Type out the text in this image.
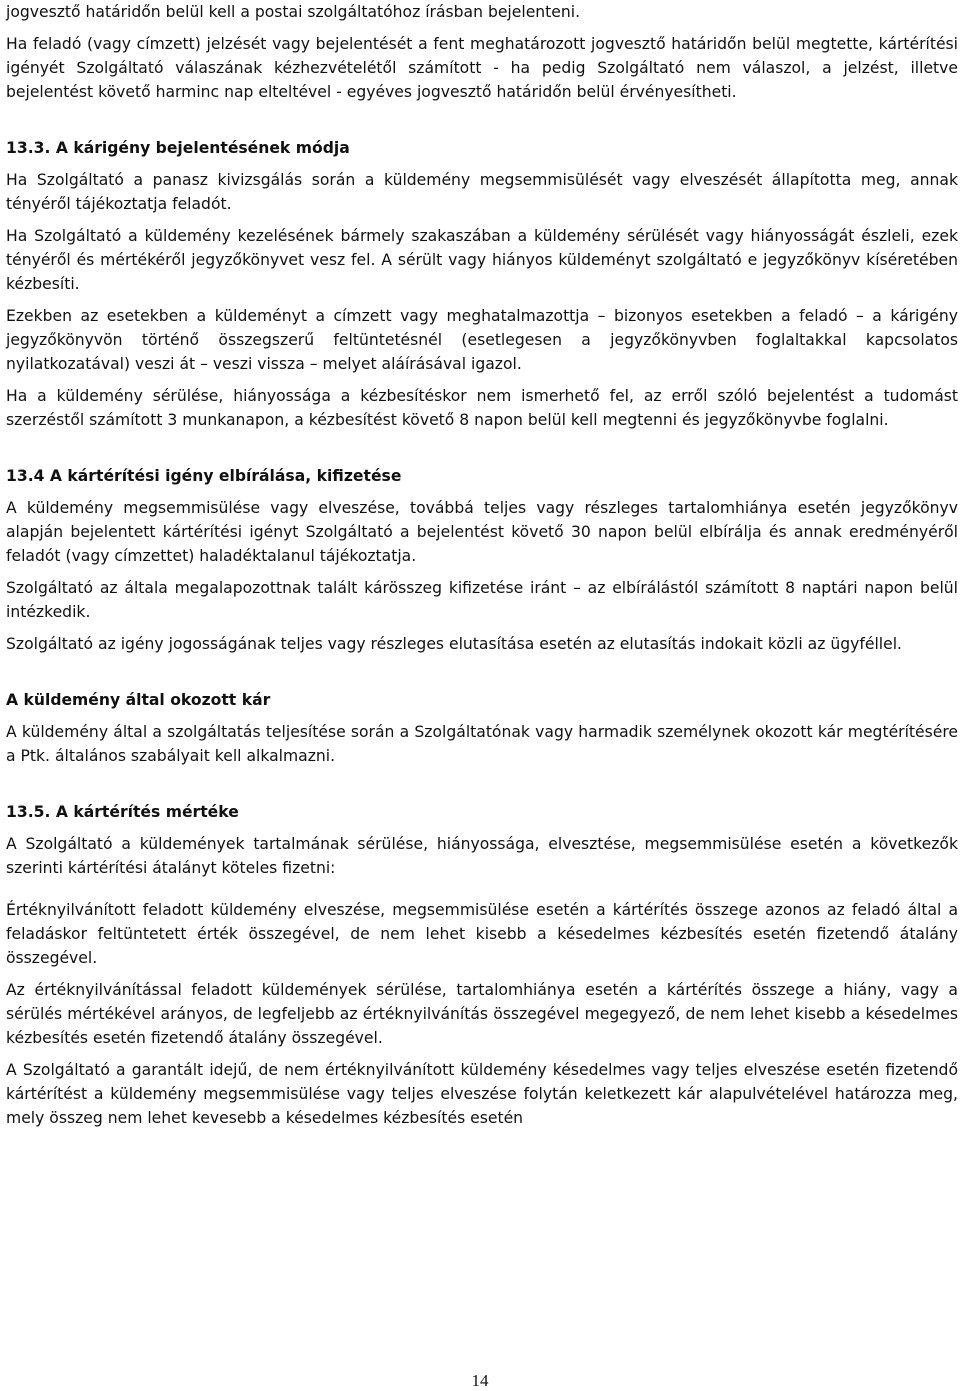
jogvesztő határidőn belül kell a postai szolgáltatóhoz írásban bejelenteni.

Ha feladó (vagy címzett) jelzését vagy bejelentését a fent meghatározott jogvesztő határidőn belül megtette, kártérítési igényét Szolgáltató válaszának kézhezvételétől számított - ha pedig Szolgáltató nem válaszol, a jelzést, illetve bejelentést követő harminc nap elteltével - egyéves jogvesztő határidőn belül érvényesítheti.

13.3. A kárigény bejelentésének módja

Ha Szolgáltató a panasz kivizsgálás során a küldemény megsemmisülését vagy elveszését állapította meg, annak tényéről tájékoztatja feladót.

Ha Szolgáltató a küldemény kezelésének bármely szakaszában a küldemény sérülését vagy hiányosságát észleli, ezek tényéről és mértékéről jegyzőkönyvet vesz fel. A sérült vagy hiányos küldeményt szolgáltató e jegyzőkönyv kíséretében kézbesíti.

Ezekben az esetekben a küldeményt a címzett vagy meghatalmazottja – bizonyos esetekben a feladó – a kárigény jegyzőkönyvön történő összegszerű feltüntetésnél (esetlegesen a jegyzőkönyvben foglaltakkal kapcsolatos nyilatkozatával) veszi át – veszi vissza – melyet aláírásával igazol.

Ha a küldemény sérülése, hiányossága a kézbesítéskor nem ismerhető fel, az erről szóló bejelentést a tudomást szerzéstől számított 3 munkanapon, a kézbesítést követő 8 napon belül kell megtenni és jegyzőkönyvbe foglalni.

13.4 A kártérítési igény elbírálása, kifizetése

A küldemény megsemmisülése vagy elveszése, továbbá teljes vagy részleges tartalomhiánya esetén jegyzőkönyv alapján bejelentett kártérítési igényt Szolgáltató a bejelentést követő 30 napon belül elbírálja és annak eredményéről feladót (vagy címzettet) haladéktalanul tájékoztatja.

Szolgáltató az általa megalapozottnak talált kárösszeg kifizetése iránt – az elbírálástól számított 8 naptári napon belül intézkedik.

Szolgáltató az igény jogosságának teljes vagy részleges elutasítása esetén az elutasítás indokait közli az ügyféllel.

A küldemény által okozott kár

A küldemény által a szolgáltatás teljesítése során a Szolgáltatónak vagy harmadik személynek okozott kár megtérítésére a Ptk. általános szabályait kell alkalmazni.

13.5. A kártérítés mértéke

A Szolgáltató a küldemények tartalmának sérülése, hiányossága, elvesztése, megsemmisülése esetén a következők szerinti kártérítési átalányt köteles fizetni:

Értéknyilvánított feladott küldemény elveszése, megsemmisülése esetén a kártérítés összege azonos az feladó által a feladáskor feltüntetett érték összegével, de nem lehet kisebb a késedelmes kézbesítés esetén fizetendő átalány összegével.

Az értéknyilvánítással feladott küldemények sérülése, tartalomhiánya esetén a kártérítés összege a hiány, vagy a sérülés mértékével arányos, de legfeljebb az értéknyilvánítás összegével megegyező, de nem lehet kisebb a késedelmes kézbesítés esetén fizetendő átalány összegével.

A Szolgáltató a garantált idejű, de nem értéknyilvánított küldemény késedelmes vagy teljes elveszése esetén fizetendő kártérítést a küldemény megsemmisülése vagy teljes elveszése folytán keletkezett kár alapulvételével határozza meg, mely összeg nem lehet kevesebb a késedelmes kézbesítés esetén

14
